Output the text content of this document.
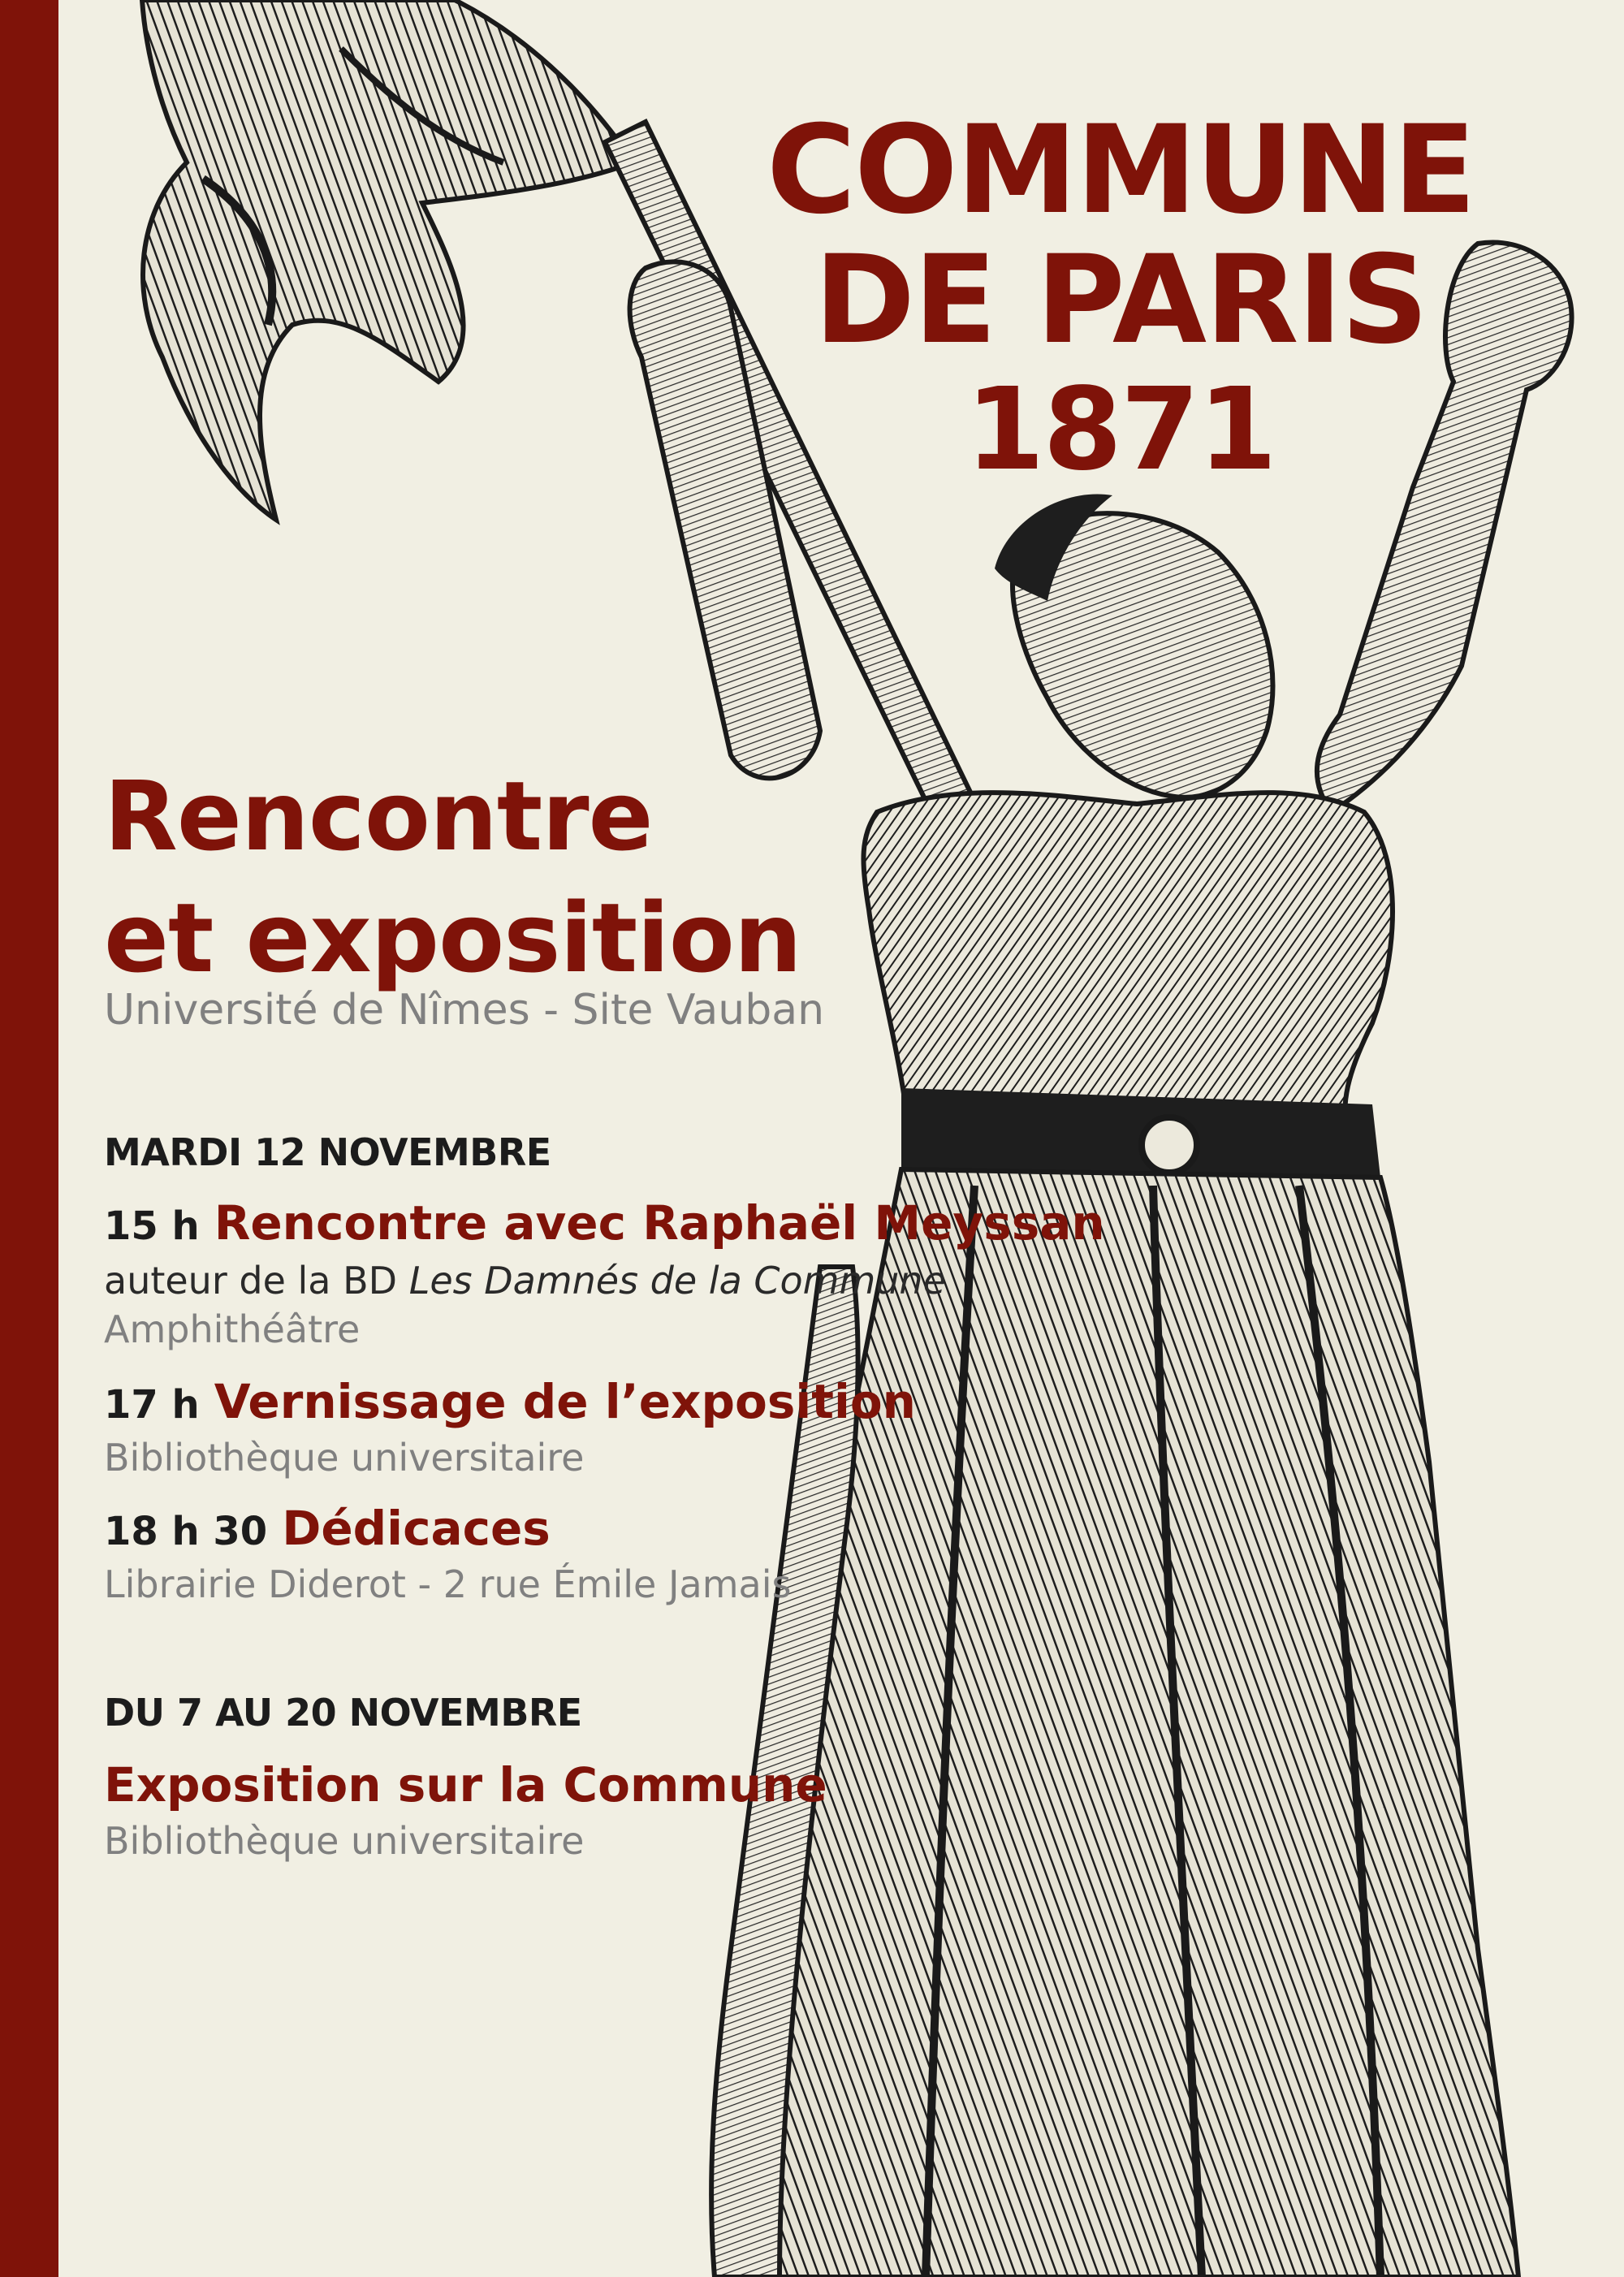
COMMUNE
DE PARIS
1871
Rencontre
et exposition
Université de Nîmes - Site Vauban
MARDI 12 NOVEMBRE
15 h Rencontre avec Raphaël Meyssan
auteur de la BD Les Damnés de la Commune
Amphithéâtre
17 h Vernissage de l’exposition
Bibliothèque universitaire
18 h 30 Dédicaces
Librairie Diderot - 2 rue Émile Jamais
DU 7 AU 20 NOVEMBRE
Exposition sur la Commune
Bibliothèque universitaire
